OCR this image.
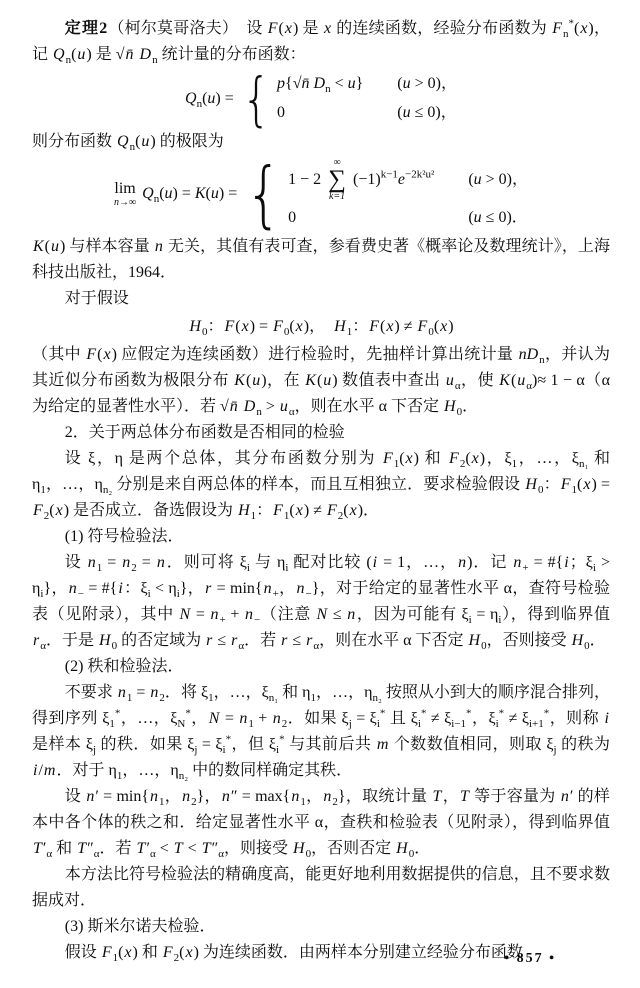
定理2（柯尔莫哥洛夫）　设 F(x) 是 x 的连续函数，经验分布函数为 $F_n^*(x)$，记 $Q_n(u)$ 是 √n̄ $D_n$ 统计量的分布函数：

$Q_n(u)$ = { p{√n̄ $D_n < u$} (u > 0)，
0	(u ≤ 0)，

则分布函数 $Q_n(u)$ 的极限为

lim
n→∞ $Q_n(u) = K(u)$ = { 1 − 2
∞
∑
k=1
$(-1)^{k-1}e^{-2k^2u^2}$ (u > 0)，
0	(u ≤ 0)．

K(u) 与样本容量 n 无关，其值有表可查，参看费史著《概率论及数理统计》，上海科技出版社，1964．

对于假设

$H_0$：$F(x) = F_0(x)$，　$H_1$：$F(x) \ne F_0(x)$

（其中 F(x) 应假定为连续函数）进行检验时，先抽样计算出统计量 $nD_n$，并认为其近似分布函数为极限分布 K(u)，在 K(u) 数值表中查出 $u_\alpha$，使 $K(u_\alpha)\approx 1 - \alpha(\alpha$ 为给定的显著性水平）．若 √n̄ $D_n > u_\alpha$，则在水平 α 下否定 $H_0$．

2．关于两总体分布函数是否相同的检验

设 ξ，η 是两个总体，其分布函数分别为 $F_1(x)$ 和 $F_2(x)$，$\xi_1$，…，$\xi_{n_1}$ 和 $\eta_1$，…，$\eta_{n_2}$ 分别是来自两总体的样本，而且互相独立．要求检验假设 $H_0$：$F_1(x) = F_2(x)$ 是否成立．备选假设为 $H_1$：$F_1(x) \ne F_2(x)$．

(1) 符号检验法．

设 $n_1 = n_2 = n$．则可将 $\xi_i$ 与 $\eta_i$ 配对比较 (i = 1，…，n)．记 $n_+$ = #{i；$\xi_i > \eta_i$}，$n_-$ = #{i：$\xi_i < \eta_i$}，$r = \min\{n_+$，$n_-$}，对于给定的显著性水平 α，查符号检验表（见附录），其中 $N = n_+ + n_-$（注意 N ≤ n，因为可能有 $\xi_i = \eta_i$），得到临界值 $r_\alpha$．于是 $H_0$ 的否定域为 $r \le r_\alpha$．若 $r \le r_\alpha$，则在水平 α 下否定 $H_0$，否则接受 $H_0$．

(2) 秩和检验法．

不要求 $n_1 = n_2$．将 $\xi_1$，…，$\xi_{n_1}$ 和 $\eta_1$，…，$\eta_{n_2}$ 按照从小到大的顺序混合排列，得到序列 $\xi_1^*$，…，$\xi_N^*$，$N = n_1 + n_2$．如果 $\xi_j = \xi_i^*$ 且 $\xi_i^* \ne \xi_{i-1}^*$，$\xi_i^* \ne \xi_{i+1}^*$，则称 i 是样本 $\xi_j$ 的秩．如果 $\xi_j = \xi_i^*$，但 $\xi_i^*$ 与其前后共 m 个数数值相同，则取 $\xi_j$ 的秩为 i/m．对于 $\eta_1$，…，$\eta_{n_2}$ 中的数同样确定其秩．

设 $n' = \min\{n_1$，$n_2$}，$n'' = \max\{n_1$，$n_2$}，取统计量 T，T 等于容量为 n′ 的样本中各个体的秩之和．给定显著性水平 α，查秩和检验表（见附录），得到临界值 $T'_\alpha$ 和 $T''_\alpha$．若 $T'_\alpha < T < T''_\alpha$，则接受 $H_0$，否则否定 $H_0$．

本方法比符号检验法的精确度高，能更好地利用数据提供的信息，且不要求数据成对．

(3) 斯米尔诺夫检验．

假设 $F_1(x)$ 和 $F_2(x)$ 为连续函数．由两样本分别建立经验分布函数

• 857 •
